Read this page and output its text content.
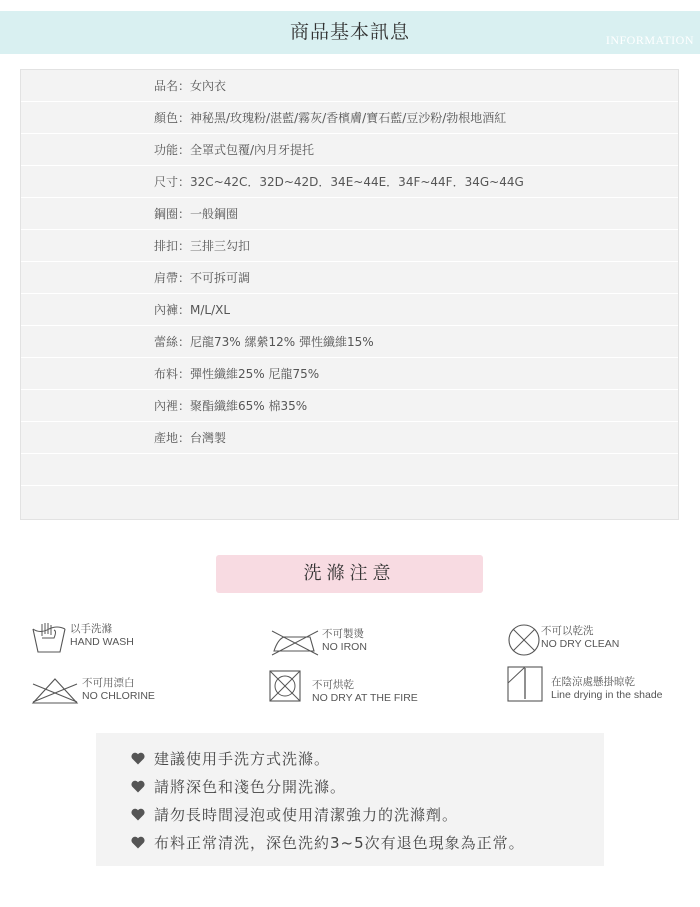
商品基本訊息	INFORMATION
品名：女內衣
顏色：神秘黑/玫瑰粉/湛藍/霧灰/香檳膚/寶石藍/豆沙粉/勃根地酒紅
功能：全罩式包覆/內月牙提托
尺寸：32C~42C．32D~42D．34E~44E．34F~44F．34G~44G
鋼圈：一般鋼圈
排扣：三排三勾扣
肩帶：不可拆可調
內褲：M/L/XL
蕾絲：尼龍73% 縲縈12% 彈性纖維15%
布料：彈性纖維25% 尼龍75%
內裡：聚酯纖維65% 棉35%
產地：台灣製
洗滌注意
以手洗滌
HAND WASH
不可製燙
NO IRON
不可以乾洗
NO DRY CLEAN
不可用漂白
NO CHLORINE
不可烘乾
NO DRY AT THE FIRE
在陰涼處懸掛晾乾
Line drying in the shade
建議使用手洗方式洗滌。
請將深色和淺色分開洗滌。
請勿長時間浸泡或使用清潔強力的洗滌劑。
布料正常清洗，深色洗約3~5次有退色現象為正常。
